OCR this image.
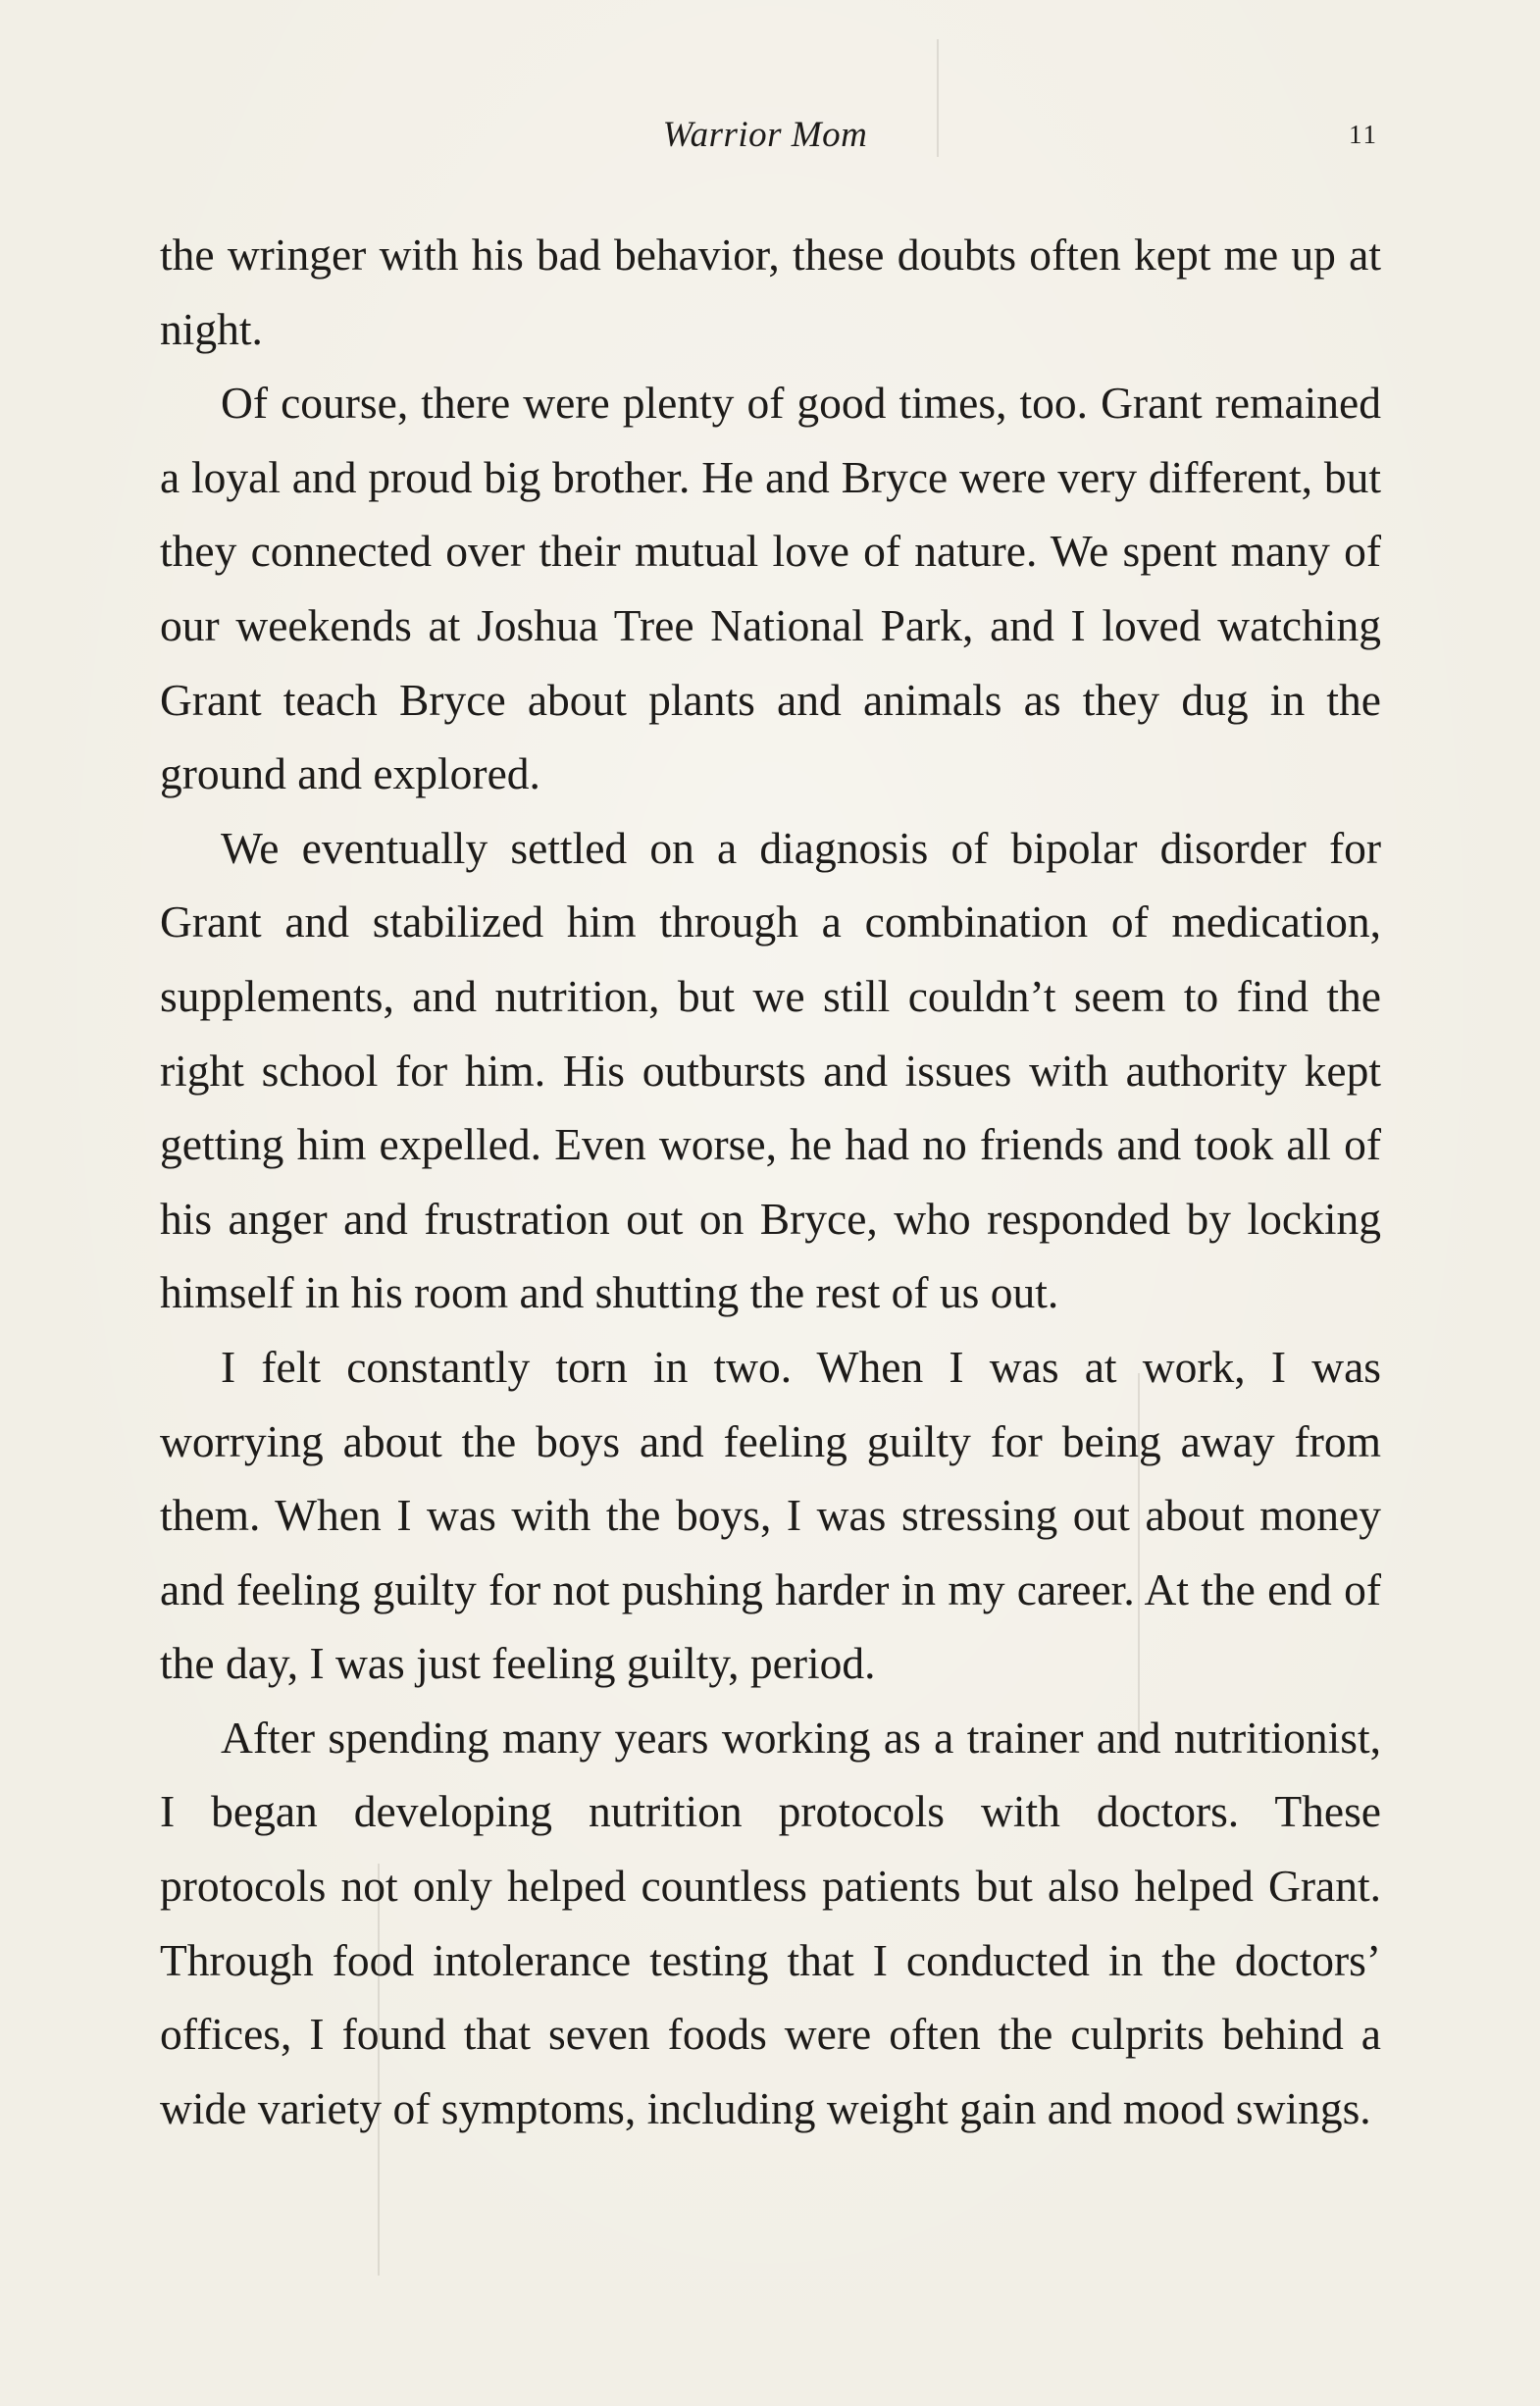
Warrior Mom	11

the wringer with his bad behavior, these doubts often kept me up at night.

Of course, there were plenty of good times, too. Grant remained a loyal and proud big brother. He and Bryce were very different, but they connected over their mutual love of nature. We spent many of our weekends at Joshua Tree National Park, and I loved watching Grant teach Bryce about plants and animals as they dug in the ground and explored.

We eventually settled on a diagnosis of bipolar disorder for Grant and stabilized him through a combination of medication, supplements, and nutrition, but we still couldn’t seem to find the right school for him. His outbursts and issues with authority kept getting him expelled. Even worse, he had no friends and took all of his anger and frustration out on Bryce, who responded by locking himself in his room and shutting the rest of us out.

I felt constantly torn in two. When I was at work, I was worrying about the boys and feeling guilty for being away from them. When I was with the boys, I was stressing out about money and feeling guilty for not pushing harder in my career. At the end of the day, I was just feeling guilty, period.

After spending many years working as a trainer and nutritionist, I began developing nutrition protocols with doctors. These protocols not only helped countless patients but also helped Grant. Through food intolerance testing that I conducted in the doctors’ offices, I found that seven foods were often the culprits behind a wide variety of symptoms, including weight gain and mood swings.
